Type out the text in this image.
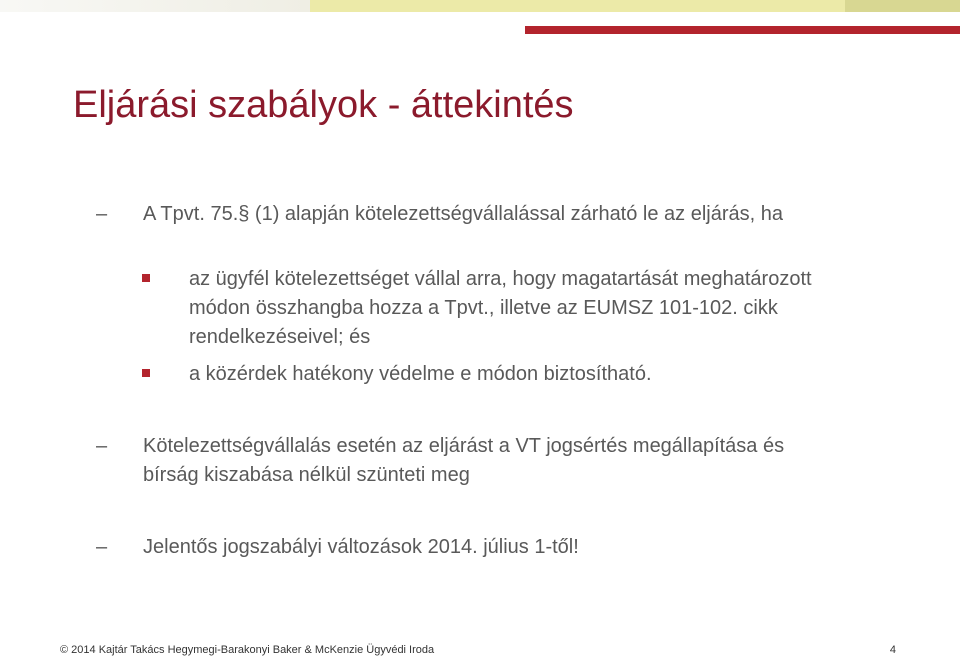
Eljárási szabályok - áttekintés
–	A Tpvt. 75.§ (1) alapján kötelezettségvállalással zárható le az eljárás, ha
az ügyfél kötelezettséget vállal arra, hogy magatartását meghatározott módon összhangba hozza a Tpvt., illetve az EUMSZ 101-102. cikk rendelkezéseivel; és
a közérdek hatékony védelme e módon biztosítható.
–	Kötelezettségvállalás esetén az eljárást a VT jogsértés megállapítása és bírság kiszabása nélkül szünteti meg
–	Jelentős jogszabályi változások 2014. július 1-től!
© 2014 Kajtár Takács Hegymegi-Barakonyi Baker & McKenzie Ügyvédi Iroda	4
